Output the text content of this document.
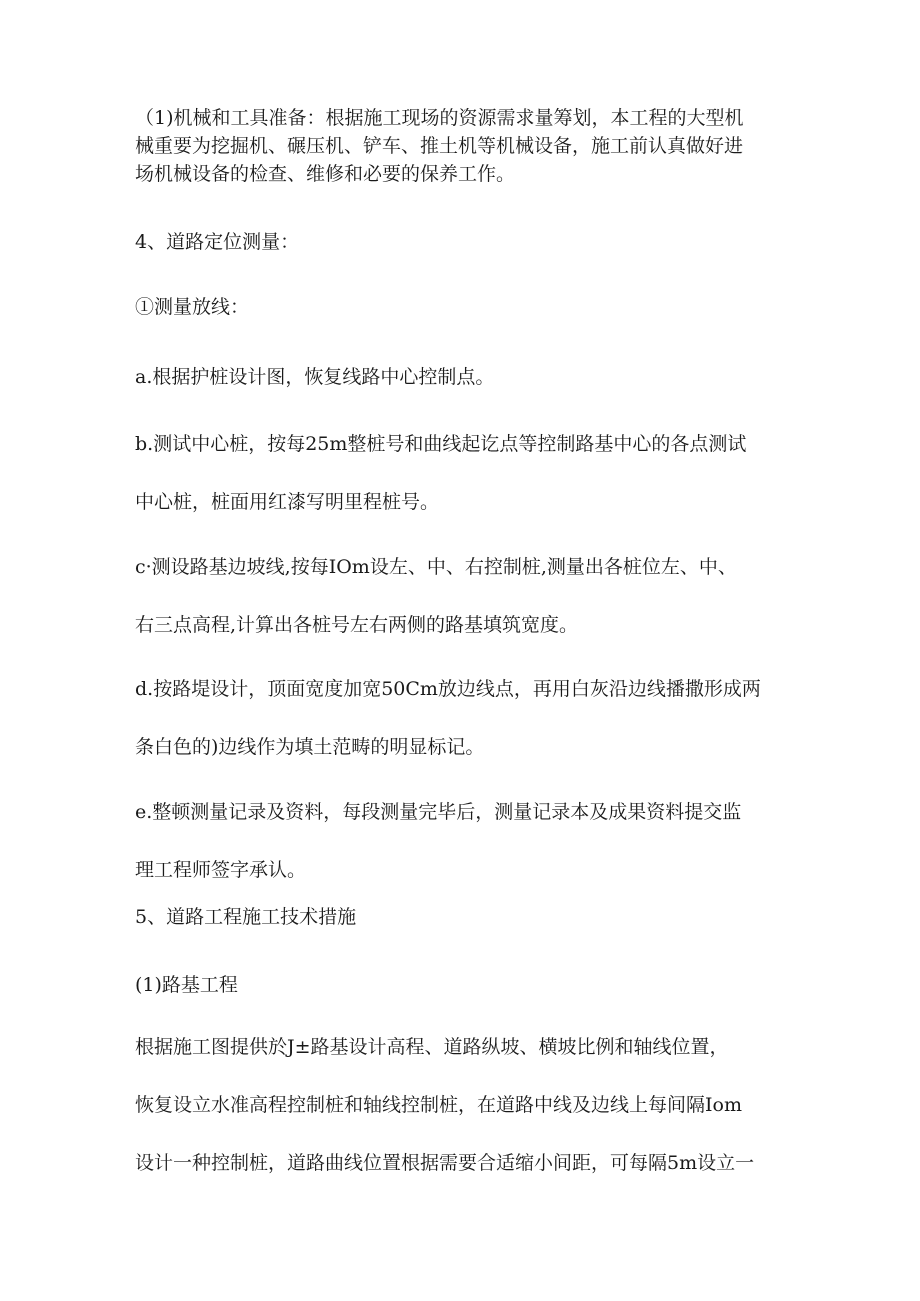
（1)机械和工具准备：根据施工现场的资源需求量筹划，本工程的大型机
械重要为挖掘机、碾压机、铲车、推土机等机械设备，施工前认真做好进
场机械设备的检查、维修和必要的保养工作。
4、道路定位测量：
①测量放线：
a.根据护桩设计图，恢复线路中心控制点。
b.测试中心桩，按每25m整桩号和曲线起讫点等控制路基中心的各点测试
中心桩，桩面用红漆写明里程桩号。
c·测设路基边坡线,按每IOm设左、中、右控制桩,测量出各桩位左、中、
右三点高程,计算出各桩号左右两侧的路基填筑宽度。
d.按路堤设计，顶面宽度加宽50Cm放边线点，再用白灰沿边线播撒形成两
条白色的)边线作为填土范畴的明显标记。
e.整顿测量记录及资料，每段测量完毕后，测量记录本及成果资料提交监
理工程师签字承认。
5、道路工程施工技术措施
(1)路基工程
根据施工图提供於J±路基设计高程、道路纵坡、横坡比例和轴线位置，
恢复设立水准高程控制桩和轴线控制桩，在道路中线及边线上每间隔Iom
设计一种控制桩，道路曲线位置根据需要合适缩小间距，可每隔5m设立一
